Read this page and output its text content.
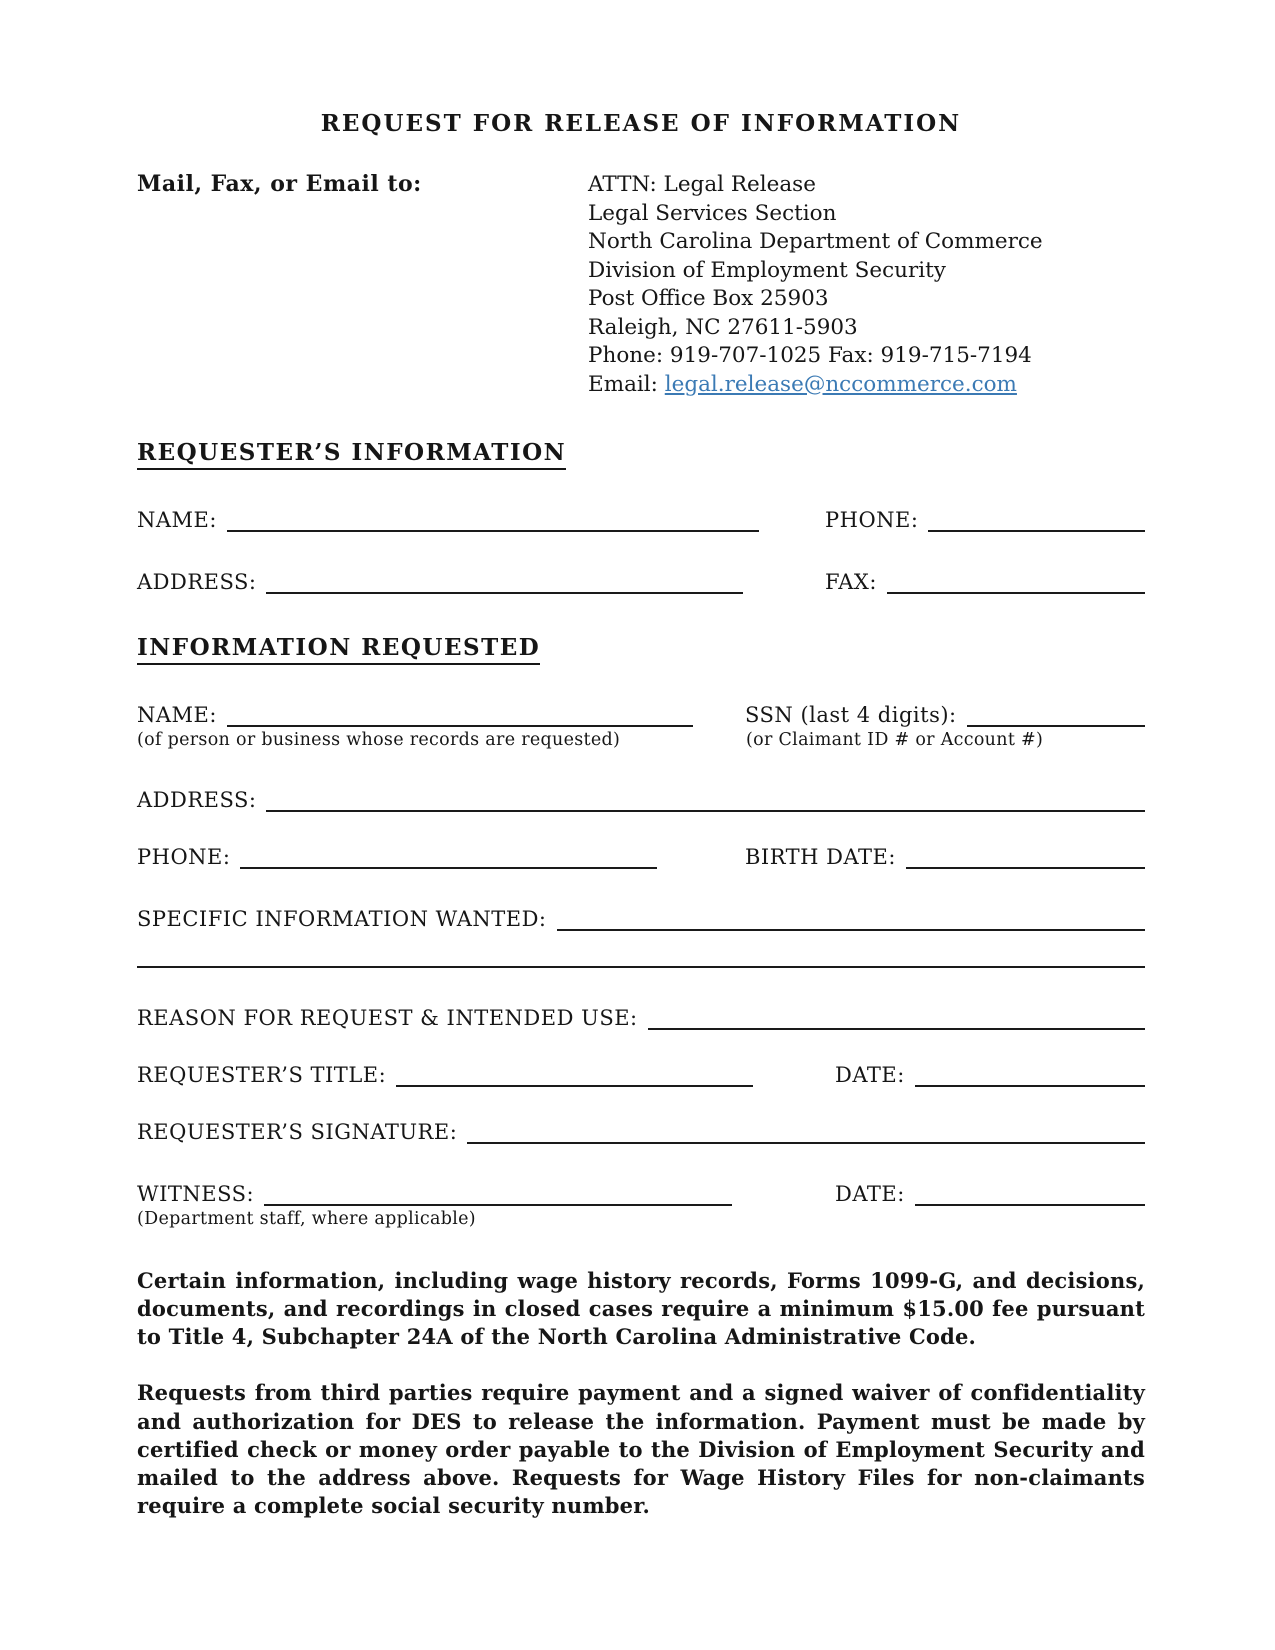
REQUEST FOR RELEASE OF INFORMATION
Mail, Fax, or Email to:	ATTN: Legal Release
Legal Services Section
North Carolina Department of Commerce
Division of Employment Security
Post Office Box 25903
Raleigh, NC 27611-5903
Phone: 919-707-1025 Fax: 919-715-7194
Email: legal.release@nccommerce.com
REQUESTER’S INFORMATION
NAME:	PHONE:
ADDRESS:	FAX:
INFORMATION REQUESTED
NAME:	SSN (last 4 digits):
(of person or business whose records are requested)	(or Claimant ID # or Account #)
ADDRESS:
PHONE:	BIRTH DATE:
SPECIFIC INFORMATION WANTED:
REASON FOR REQUEST & INTENDED USE:
REQUESTER’S TITLE:	DATE:
REQUESTER’S SIGNATURE:
WITNESS:	DATE:
(Department staff, where applicable)

Certain information, including wage history records, Forms 1099-G, and decisions, documents, and recordings in closed cases require a minimum $15.00 fee pursuant to Title 4, Subchapter 24A of the North Carolina Administrative Code.

Requests from third parties require payment and a signed waiver of confidentiality and authorization for DES to release the information. Payment must be made by certified check or money order payable to the Division of Employment Security and mailed to the address above. Requests for Wage History Files for non-claimants require a complete social security number.
